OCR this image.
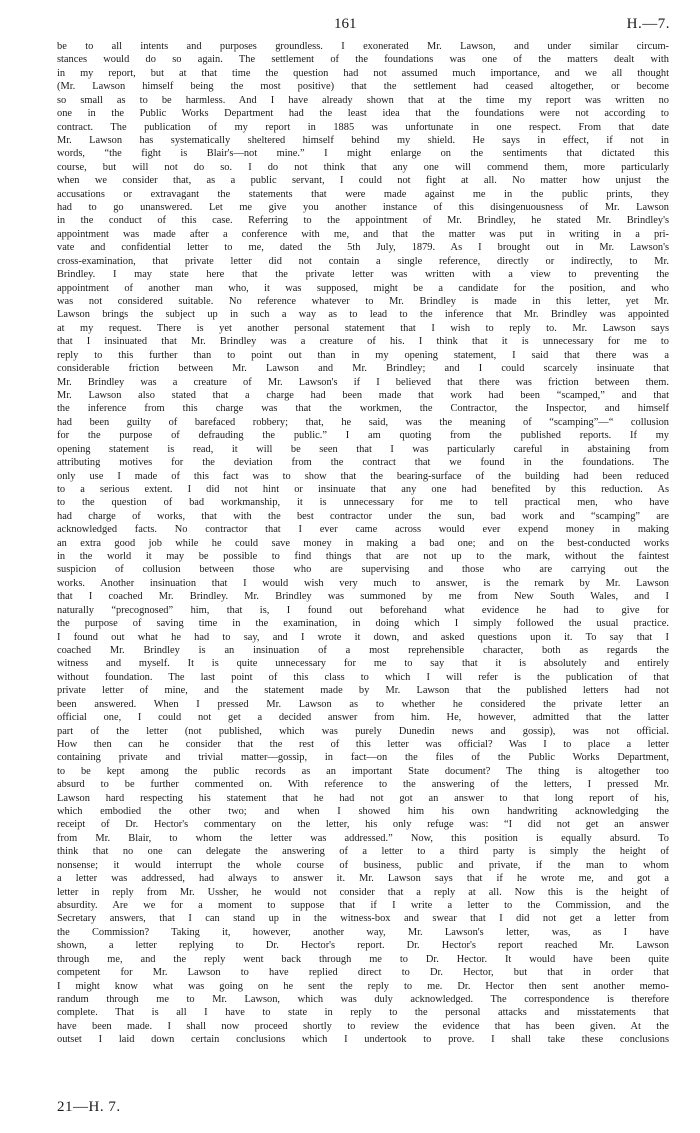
161	H.—7.
be to all intents and purposes groundless. I exonerated Mr. Lawson, and under similar circum-
stances would do so again. The settlement of the foundations was one of the matters dealt with
in my report, but at that time the question had not assumed much importance, and we all thought
(Mr. Lawson himself being the most positive) that the settlement had ceased altogether, or become
so small as to be harmless. And I have already shown that at the time my report was written no
one in the Public Works Department had the least idea that the foundations were not according to
contract. The publication of my report in 1885 was unfortunate in one respect. From that date
Mr. Lawson has systematically sheltered himself behind my shield. He says in effect, if not in
words, “the fight is Blair's—not mine.” I might enlarge on the sentiments that dictated this
course, but will not do so. I do not think that any one will commend them, more particularly
when we consider that, as a public servant, I could not fight at all. No matter how unjust the
accusations or extravagant the statements that were made against me in the public prints, they
had to go unanswered. Let me give you another instance of this disingenuousness of Mr. Lawson
in the conduct of this case. Referring to the appointment of Mr. Brindley, he stated Mr. Brindley's
appointment was made after a conference with me, and that the matter was put in writing in a pri-
vate and confidential letter to me, dated the 5th July, 1879. As I brought out in Mr. Lawson's
cross-examination, that private letter did not contain a single reference, directly or indirectly, to Mr.
Brindley. I may state here that the private letter was written with a view to preventing the
appointment of another man who, it was supposed, might be a candidate for the position, and who
was not considered suitable. No reference whatever to Mr. Brindley is made in this letter, yet Mr.
Lawson brings the subject up in such a way as to lead to the inference that Mr. Brindley was appointed
at my request. There is yet another personal statement that I wish to reply to. Mr. Lawson says
that I insinuated that Mr. Brindley was a creature of his. I think that it is unnecessary for me to
reply to this further than to point out than in my opening statement, I said that there was a
considerable friction between Mr. Lawson and Mr. Brindley; and I could scarcely insinuate that
Mr. Brindley was a creature of Mr. Lawson's if I believed that there was friction between them.
Mr. Lawson also stated that a charge had been made that work had been “scamped,” and that
the inference from this charge was that the workmen, the Contractor, the Inspector, and himself
had been guilty of barefaced robbery; that, he said, was the meaning of “scamping”—“ collusion
for the purpose of defrauding the public.” I am quoting from the published reports. If my
opening statement is read, it will be seen that I was particularly careful in abstaining from
attributing motives for the deviation from the contract that we found in the foundations. The
only use I made of this fact was to show that the bearing-surface of the building had been reduced
to a serious extent. I did not hint or insinuate that any one had benefited by this reduction. As
to the question of bad workmanship, it is unnecessary for me to tell practical men, who have
had charge of works, that with the best contractor under the sun, bad work and “scamping” are
acknowledged facts. No contractor that I ever came across would ever expend money in making
an extra good job while he could save money in making a bad one; and on the best-conducted works
in the world it may be possible to find things that are not up to the mark, without the faintest
suspicion of collusion between those who are supervising and those who are carrying out the
works. Another insinuation that I would wish very much to answer, is the remark by Mr. Lawson
that I coached Mr. Brindley. Mr. Brindley was summoned by me from New South Wales, and I
naturally “precognosed” him, that is, I found out beforehand what evidence he had to give for
the purpose of saving time in the examination, in doing which I simply followed the usual practice.
I found out what he had to say, and I wrote it down, and asked questions upon it. To say that I
coached Mr. Brindley is an insinuation of a most reprehensible character, both as regards the
witness and myself. It is quite unnecessary for me to say that it is absolutely and entirely
without foundation. The last point of this class to which I will refer is the publication of that
private letter of mine, and the statement made by Mr. Lawson that the published letters had not
been answered. When I pressed Mr. Lawson as to whether he considered the private letter an
official one, I could not get a decided answer from him. He, however, admitted that the latter
part of the letter (not published, which was purely Dunedin news and gossip), was not official.
How then can he consider that the rest of this letter was official? Was I to place a letter
containing private and trivial matter—gossip, in fact—on the files of the Public Works Department,
to be kept among the public records as an important State document? The thing is altogether too
absurd to be further commented on. With reference to the answering of the letters, I pressed Mr.
Lawson hard respecting his statement that he had not got an answer to that long report of his,
which embodied the other two; and when I showed him his own handwriting acknowledging the
receipt of Dr. Hector's commentary on the letter, his only refuge was: “I did not get an answer
from Mr. Blair, to whom the letter was addressed.” Now, this position is equally absurd. To
think that no one can delegate the answering of a letter to a third party is simply the height of
nonsense; it would interrupt the whole course of business, public and private, if the man to whom
a letter was addressed, had always to answer it. Mr. Lawson says that if he wrote me, and got a
letter in reply from Mr. Ussher, he would not consider that a reply at all. Now this is the height of
absurdity. Are we for a moment to suppose that if I write a letter to the Commission, and the
Secretary answers, that I can stand up in the witness-box and swear that I did not get a letter from
the Commission? Taking it, however, another way, Mr. Lawson's letter, was, as I have
shown, a letter replying to Dr. Hector's report. Dr. Hector's report reached Mr. Lawson
through me, and the reply went back through me to Dr. Hector. It would have been quite
competent for Mr. Lawson to have replied direct to Dr. Hector, but that in order that
I might know what was going on he sent the reply to me. Dr. Hector then sent another memo-
randum through me to Mr. Lawson, which was duly acknowledged. The correspondence is therefore
complete. That is all I have to state in reply to the personal attacks and misstatements that
have been made. I shall now proceed shortly to review the evidence that has been given. At the
outset I laid down certain conclusions which I undertook to prove. I shall take these conclusions
21—H. 7.
